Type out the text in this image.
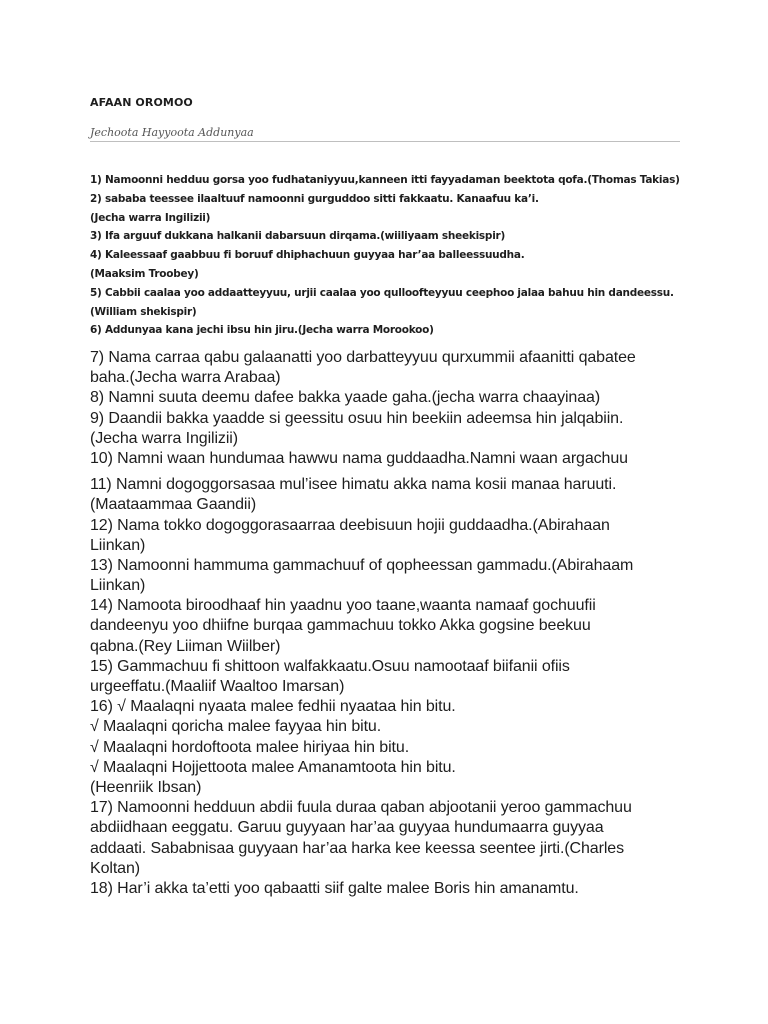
AFAAN OROMOO
Jechoota Hayyoota Addunyaa
1) Namoonni hedduu gorsa yoo fudhataniyyuu,kanneen itti fayyadaman beektota qofa.(Thomas Takias)
2) sababa teessee ilaaltuuf namoonni gurguddoo sitti fakkaatu. Kanaafuu ka’i.
(Jecha warra Ingilizii)
3) Ifa arguuf dukkana halkanii dabarsuun dirqama.(wiiliyaam sheekispir)
4) Kaleessaaf gaabbuu fi boruuf dhiphachuun guyyaa har’aa balleessuudha.
(Maaksim Troobey)
5) Cabbii caalaa yoo addaatteyyuu, urjii caalaa yoo qulloofteyyuu ceephoo jalaa bahuu hin dandeessu.
(William shekispir)
6) Addunyaa kana jechi ibsu hin jiru.(Jecha warra Morookoo)
7) Nama carraa qabu galaanatti yoo darbatteyyuu qurxummii afaanitti qabatee
baha.(Jecha warra Arabaa)
8) Namni suuta deemu dafee bakka yaade gaha.(jecha warra chaayinaa)
9) Daandii bakka yaadde si geessitu osuu hin beekiin adeemsa hin jalqabiin.
(Jecha warra Ingilizii)
10) Namni waan hundumaa hawwu nama guddaadha.Namni waan argachuu
11) Namni dogoggorsasaa mul’isee himatu akka nama kosii manaa haruuti.
(Maataammaa Gaandii)
12) Nama tokko dogoggorasaarraa deebisuun hojii guddaadha.(Abirahaan
Liinkan)
13) Namoonni hammuma gammachuuf of qopheessan gammadu.(Abirahaam
Liinkan)
14) Namoota biroodhaaf hin yaadnu yoo taane,waanta namaaf gochuufii
dandeenyu yoo dhiifne burqaa gammachuu tokko Akka gogsine beekuu
qabna.(Rey Liiman Wiilber)
15) Gammachuu fi shittoon walfakkaatu.Osuu namootaaf biifanii ofiis
urgeeffatu.(Maaliif Waaltoo Imarsan)
16) √ Maalaqni nyaata malee fedhii nyaataa hin bitu.
√ Maalaqni qoricha malee fayyaa hin bitu.
√ Maalaqni hordoftoota malee hiriyaa hin bitu.
√ Maalaqni Hojjettoota malee Amanamtoota hin bitu.
(Heenriik Ibsan)
17) Namoonni hedduun abdii fuula duraa qaban abjootanii yeroo gammachuu
abdiidhaan eeggatu. Garuu guyyaan har’aa guyyaa hundumaarra guyyaa
addaati. Sababnisaa guyyaan har’aa harka kee keessa seentee jirti.(Charles
Koltan)
18) Har’i akka ta’etti yoo qabaatti siif galte malee Boris hin amanamtu.
